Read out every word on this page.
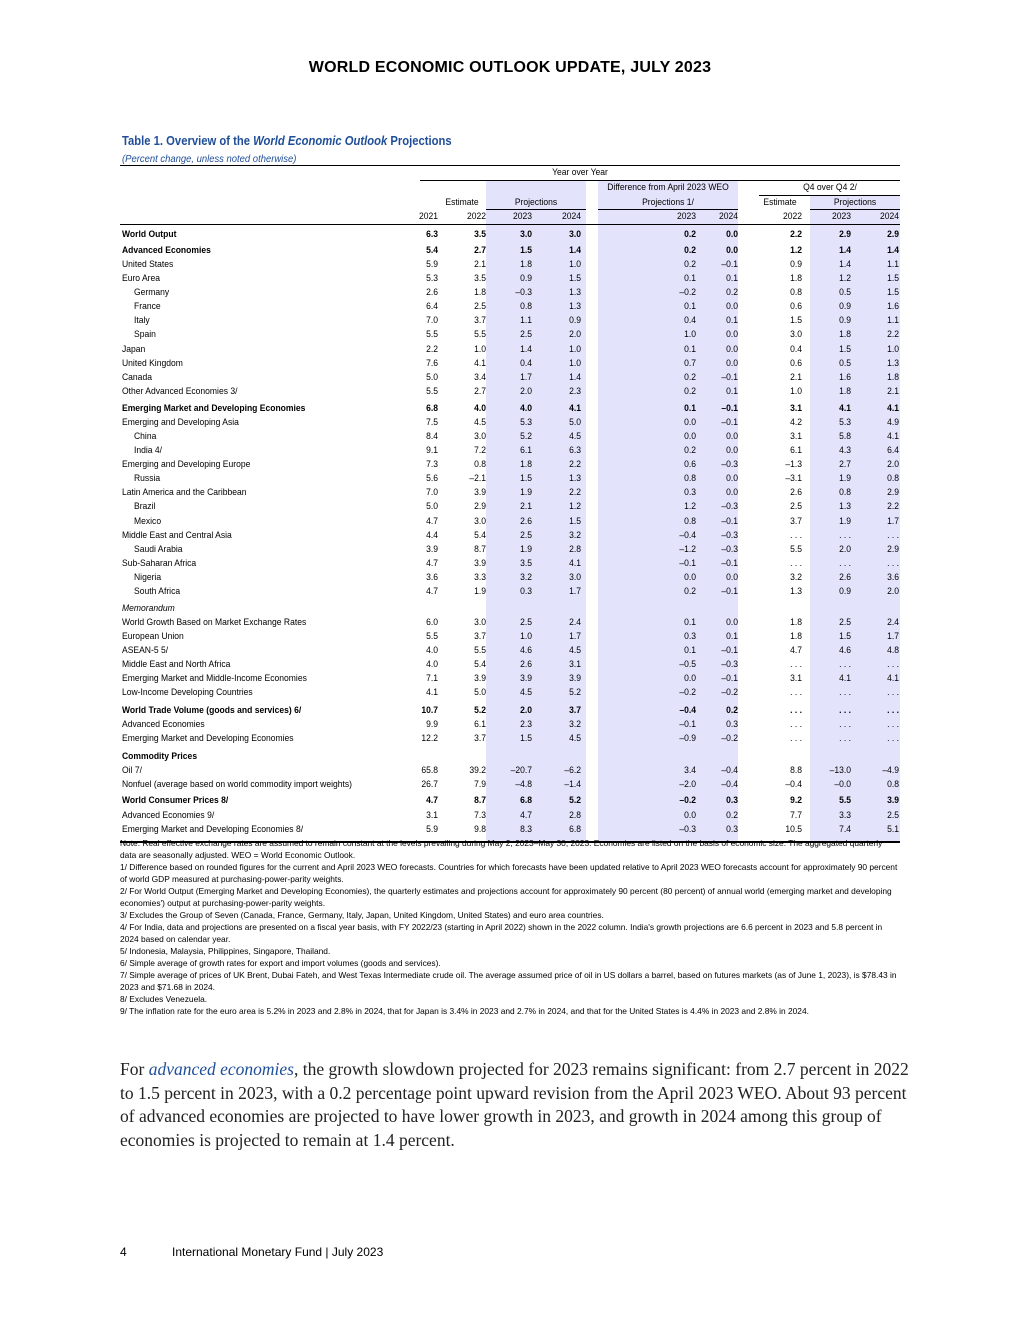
WORLD ECONOMIC OUTLOOK UPDATE, JULY 2023
Table 1. Overview of the World Economic Outlook Projections
(Percent change, unless noted otherwise)
Year over Year
Difference from April 2023 WEO	Q4 over Q4 2/
Estimate	Projections	Projections 1/	Estimate	Projections
2021	2022	2023	2024	2023	2024	2022	2023	2024
World Output	6.3	3.5	3.0	3.0	0.2	0.0	2.2	2.9	2.9
Advanced Economies	5.4	2.7	1.5	1.4	0.2	0.0	1.2	1.4	1.4
United States	5.9	2.1	1.8	1.0	0.2	–0.1	0.9	1.4	1.1
Euro Area	5.3	3.5	0.9	1.5	0.1	0.1	1.8	1.2	1.5
Germany	2.6	1.8	–0.3	1.3	–0.2	0.2	0.8	0.5	1.5
France	6.4	2.5	0.8	1.3	0.1	0.0	0.6	0.9	1.6
Italy	7.0	3.7	1.1	0.9	0.4	0.1	1.5	0.9	1.1
Spain	5.5	5.5	2.5	2.0	1.0	0.0	3.0	1.8	2.2
Japan	2.2	1.0	1.4	1.0	0.1	0.0	0.4	1.5	1.0
United Kingdom	7.6	4.1	0.4	1.0	0.7	0.0	0.6	0.5	1.3
Canada	5.0	3.4	1.7	1.4	0.2	–0.1	2.1	1.6	1.8
Other Advanced Economies 3/	5.5	2.7	2.0	2.3	0.2	0.1	1.0	1.8	2.1
Emerging Market and Developing Economies	6.8	4.0	4.0	4.1	0.1	–0.1	3.1	4.1	4.1
Emerging and Developing Asia	7.5	4.5	5.3	5.0	0.0	–0.1	4.2	5.3	4.9
China	8.4	3.0	5.2	4.5	0.0	0.0	3.1	5.8	4.1
India 4/	9.1	7.2	6.1	6.3	0.2	0.0	6.1	4.3	6.4
Emerging and Developing Europe	7.3	0.8	1.8	2.2	0.6	–0.3	–1.3	2.7	2.0
Russia	5.6	–2.1	1.5	1.3	0.8	0.0	–3.1	1.9	0.8
Latin America and the Caribbean	7.0	3.9	1.9	2.2	0.3	0.0	2.6	0.8	2.9
Brazil	5.0	2.9	2.1	1.2	1.2	–0.3	2.5	1.3	2.2
Mexico	4.7	3.0	2.6	1.5	0.8	–0.1	3.7	1.9	1.7
Middle East and Central Asia	4.4	5.4	2.5	3.2	–0.4	–0.3	. . .	. . .	. . .
Saudi Arabia	3.9	8.7	1.9	2.8	–1.2	–0.3	5.5	2.0	2.9
Sub-Saharan Africa	4.7	3.9	3.5	4.1	–0.1	–0.1	. . .	. . .	. . .
Nigeria	3.6	3.3	3.2	3.0	0.0	0.0	3.2	2.6	3.6
South Africa	4.7	1.9	0.3	1.7	0.2	–0.1	1.3	0.9	2.0
Memorandum
World Growth Based on Market Exchange Rates	6.0	3.0	2.5	2.4	0.1	0.0	1.8	2.5	2.4
European Union	5.5	3.7	1.0	1.7	0.3	0.1	1.8	1.5	1.7
ASEAN-5 5/	4.0	5.5	4.6	4.5	0.1	–0.1	4.7	4.6	4.8
Middle East and North Africa	4.0	5.4	2.6	3.1	–0.5	–0.3	. . .	. . .	. . .
Emerging Market and Middle-Income Economies	7.1	3.9	3.9	3.9	0.0	–0.1	3.1	4.1	4.1
Low-Income Developing Countries	4.1	5.0	4.5	5.2	–0.2	–0.2	. . .	. . .	. . .
World Trade Volume (goods and services) 6/	10.7	5.2	2.0	3.7	–0.4	0.2	. . .	. . .	. . .
Advanced Economies	9.9	6.1	2.3	3.2	–0.1	0.3	. . .	. . .	. . .
Emerging Market and Developing Economies	12.2	3.7	1.5	4.5	–0.9	–0.2	. . .	. . .	. . .
Commodity Prices
Oil 7/	65.8	39.2	–20.7	–6.2	3.4	–0.4	8.8	–13.0	–4.9
Nonfuel (average based on world commodity import weights)	26.7	7.9	–4.8	–1.4	–2.0	–0.4	–0.4	–0.0	0.8
World Consumer Prices 8/	4.7	8.7	6.8	5.2	–0.2	0.3	9.2	5.5	3.9
Advanced Economies 9/	3.1	7.3	4.7	2.8	0.0	0.2	7.7	3.3	2.5
Emerging Market and Developing Economies 8/	5.9	9.8	8.3	6.8	–0.3	0.3	10.5	7.4	5.1

Note: Real effective exchange rates are assumed to remain constant at the levels prevailing during May 2, 2023–May 30, 2023. Economies are listed on the basis of economic size. The aggregated quarterly data are seasonally adjusted. WEO = World Economic Outlook.

1/ Difference based on rounded figures for the current and April 2023 WEO forecasts. Countries for which forecasts have been updated relative to April 2023 WEO forecasts account for approximately 90 percent of world GDP measured at purchasing-power-parity weights.

2/ For World Output (Emerging Market and Developing Economies), the quarterly estimates and projections account for approximately 90 percent (80 percent) of annual world (emerging market and developing economies') output at purchasing-power-parity weights.

3/ Excludes the Group of Seven (Canada, France, Germany, Italy, Japan, United Kingdom, United States) and euro area countries.

4/ For India, data and projections are presented on a fiscal year basis, with FY 2022/23 (starting in April 2022) shown in the 2022 column. India's growth projections are 6.6 percent in 2023 and 5.8 percent in 2024 based on calendar year.

5/ Indonesia, Malaysia, Philippines, Singapore, Thailand.

6/ Simple average of growth rates for export and import volumes (goods and services).

7/ Simple average of prices of UK Brent, Dubai Fateh, and West Texas Intermediate crude oil. The average assumed price of oil in US dollars a barrel, based on futures markets (as of June 1, 2023), is $78.43 in 2023 and $71.68 in 2024.

8/ Excludes Venezuela.

9/ The inflation rate for the euro area is 5.2% in 2023 and 2.8% in 2024, that for Japan is 3.4% in 2023 and 2.7% in 2024, and that for the United States is 4.4% in 2023 and 2.8% in 2024.

For advanced economies, the growth slowdown projected for 2023 remains significant: from 2.7 percent in 2022 to 1.5 percent in 2023, with a 0.2 percentage point upward revision from the April 2023 WEO. About 93 percent of advanced economies are projected to have lower growth in 2023, and growth in 2024 among this group of economies is projected to remain at 1.4 percent.
4	International Monetary Fund | July 2023
